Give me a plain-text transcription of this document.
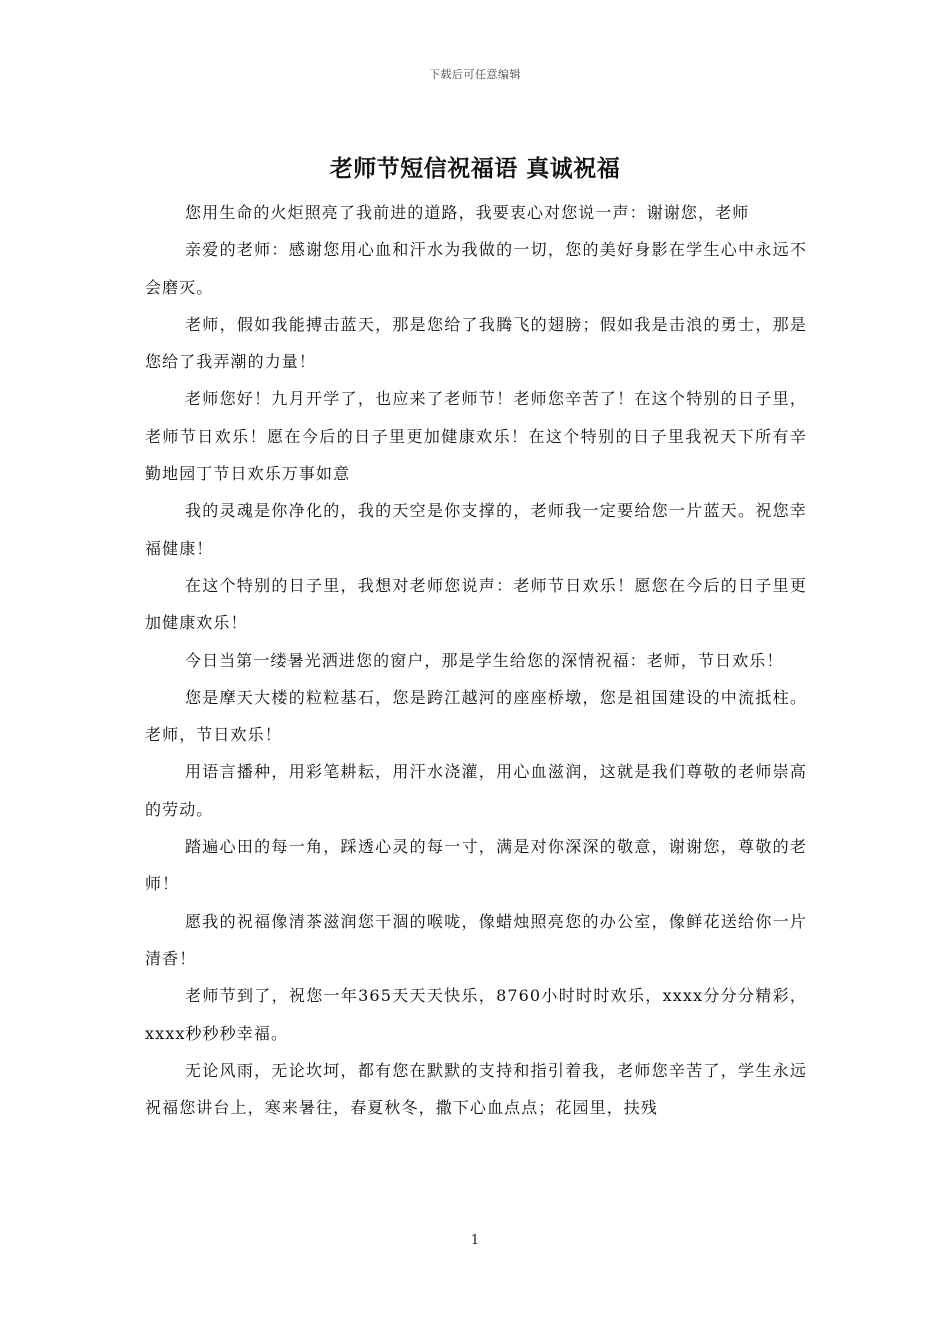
下载后可任意编辑
老师节短信祝福语 真诚祝福

您用生命的火炬照亮了我前进的道路，我要衷心对您说一声：谢谢您，老师

亲爱的老师：感谢您用心血和汗水为我做的一切，您的美好身影在学生心中永远不会磨灭。

老师，假如我能搏击蓝天，那是您给了我腾飞的翅膀；假如我是击浪的勇士，那是您给了我弄潮的力量！

老师您好！九月开学了，也应来了老师节！老师您辛苦了！在这个特别的日子里，老师节日欢乐！愿在今后的日子里更加健康欢乐！在这个特别的日子里我祝天下所有辛勤地园丁节日欢乐万事如意

我的灵魂是你净化的，我的天空是你支撑的，老师我一定要给您一片蓝天。祝您幸福健康！

在这个特别的日子里，我想对老师您说声：老师节日欢乐！愿您在今后的日子里更加健康欢乐！

今日当第一缕暑光洒进您的窗户，那是学生给您的深情祝福：老师，节日欢乐！

您是摩天大楼的粒粒基石，您是跨江越河的座座桥墩，您是祖国建设的中流抵柱。老师，节日欢乐！

用语言播种，用彩笔耕耘，用汗水浇灌，用心血滋润，这就是我们尊敬的老师崇高的劳动。

踏遍心田的每一角，踩透心灵的每一寸，满是对你深深的敬意，谢谢您，尊敬的老师！

愿我的祝福像清茶滋润您干涸的喉咙，像蜡烛照亮您的办公室，像鲜花送给你一片清香！

老师节到了，祝您一年365天天天快乐，8760小时时时欢乐，xxxx分分分精彩，xxxx秒秒秒幸福。

无论风雨，无论坎坷，都有您在默默的支持和指引着我，老师您辛苦了，学生永远祝福您讲台上，寒来暑往，春夏秋冬，撒下心血点点；花园里，扶残

1
